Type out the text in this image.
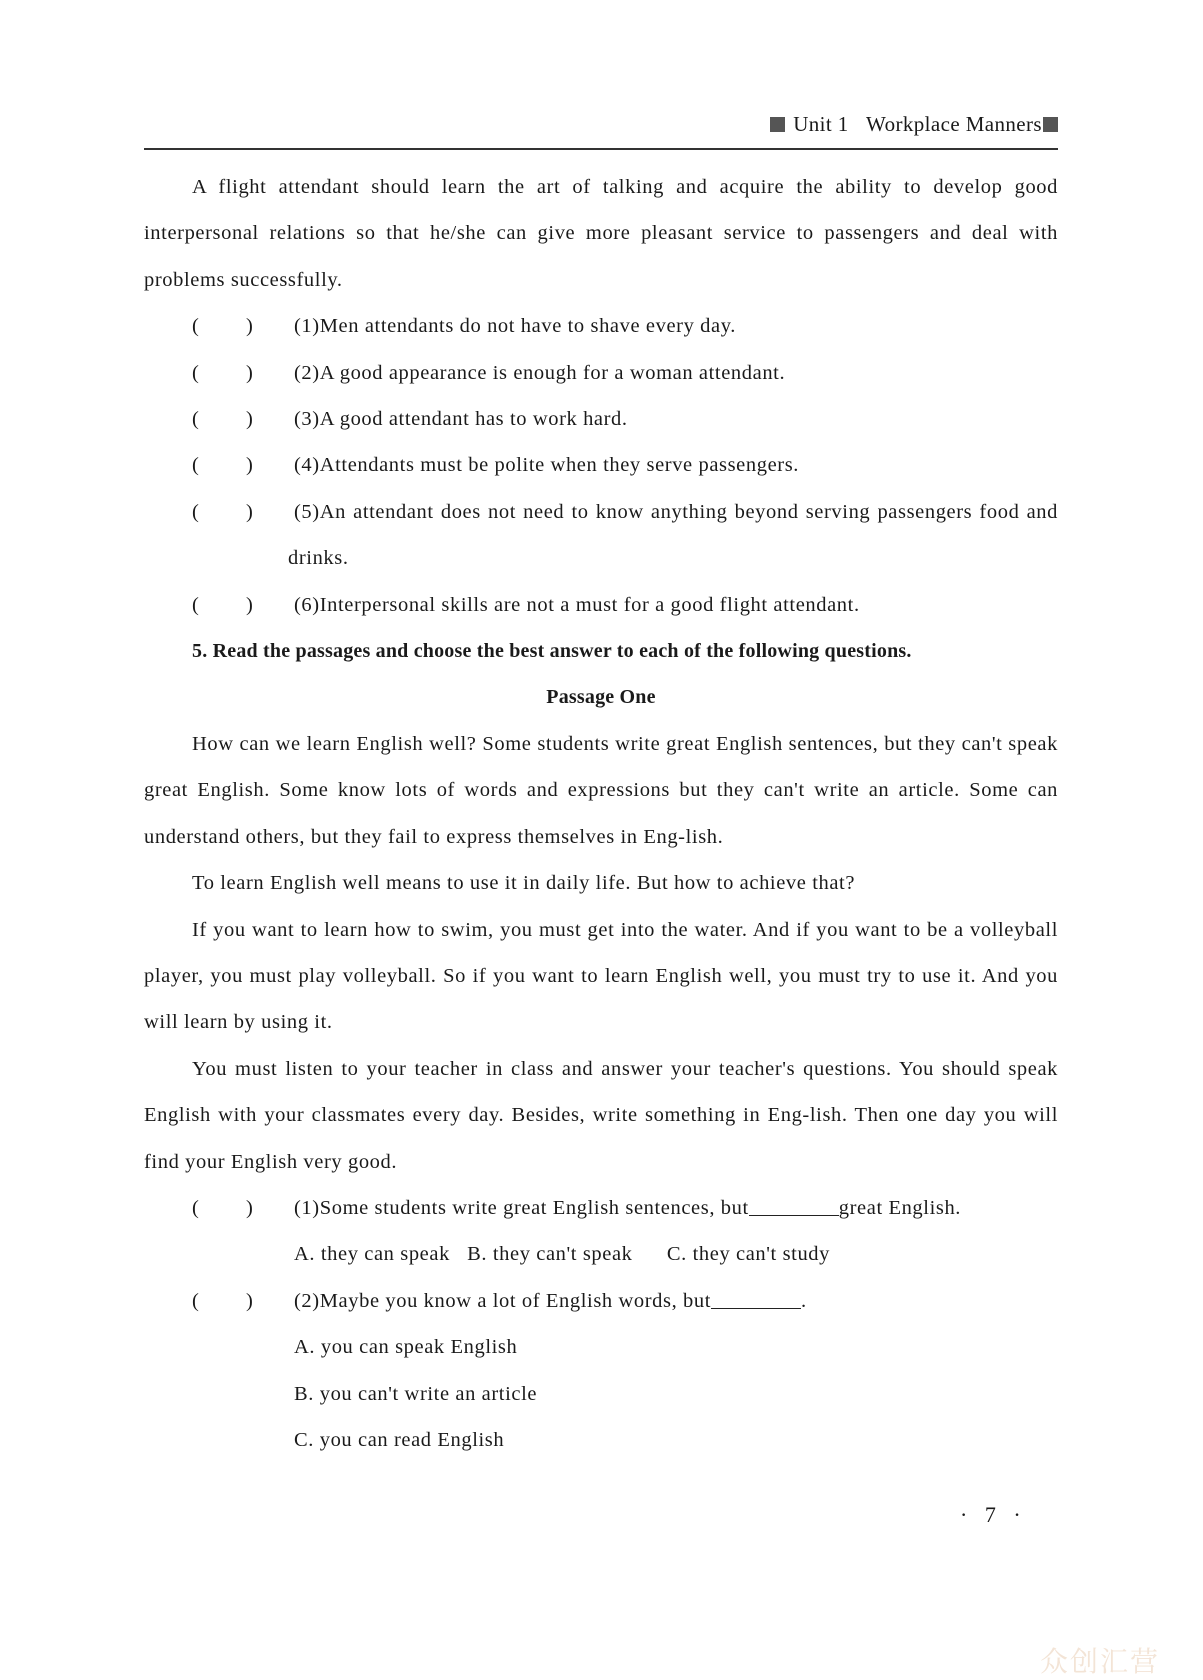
Unit 1 Workplace Manners

A flight attendant should learn the art of talking and acquire the ability to develop good interpersonal relations so that he/she can give more pleasant service to passengers and deal with problems successfully.

( ) (1)Men attendants do not have to shave every day.

( ) (2)A good appearance is enough for a woman attendant.

( ) (3)A good attendant has to work hard.

( ) (4)Attendants must be polite when they serve passengers.

( ) (5)An attendant does not need to know anything beyond serving passengers food and drinks.

( ) (6)Interpersonal skills are not a must for a good flight attendant.

5. Read the passages and choose the best answer to each of the following questions.

Passage One

How can we learn English well? Some students write great English sentences, but they can't speak great English. Some know lots of words and expressions but they can't write an article. Some can understand others, but they fail to express themselves in Eng-lish.

To learn English well means to use it in daily life. But how to achieve that?

If you want to learn how to swim, you must get into the water. And if you want to be a volleyball player, you must play volleyball. So if you want to learn English well, you must try to use it. And you will learn by using it.

You must listen to your teacher in class and answer your teacher's questions. You should speak English with your classmates every day. Besides, write something in Eng-lish. Then one day you will find your English very good.

( ) (1)Some students write great English sentences, but	great English.

A. they can speak B. they can't speak C. they can't study

( ) (2)Maybe you know a lot of English words, but	.

A. you can speak English

B. you can't write an article

C. you can read English

· 7 ·
众创汇营
